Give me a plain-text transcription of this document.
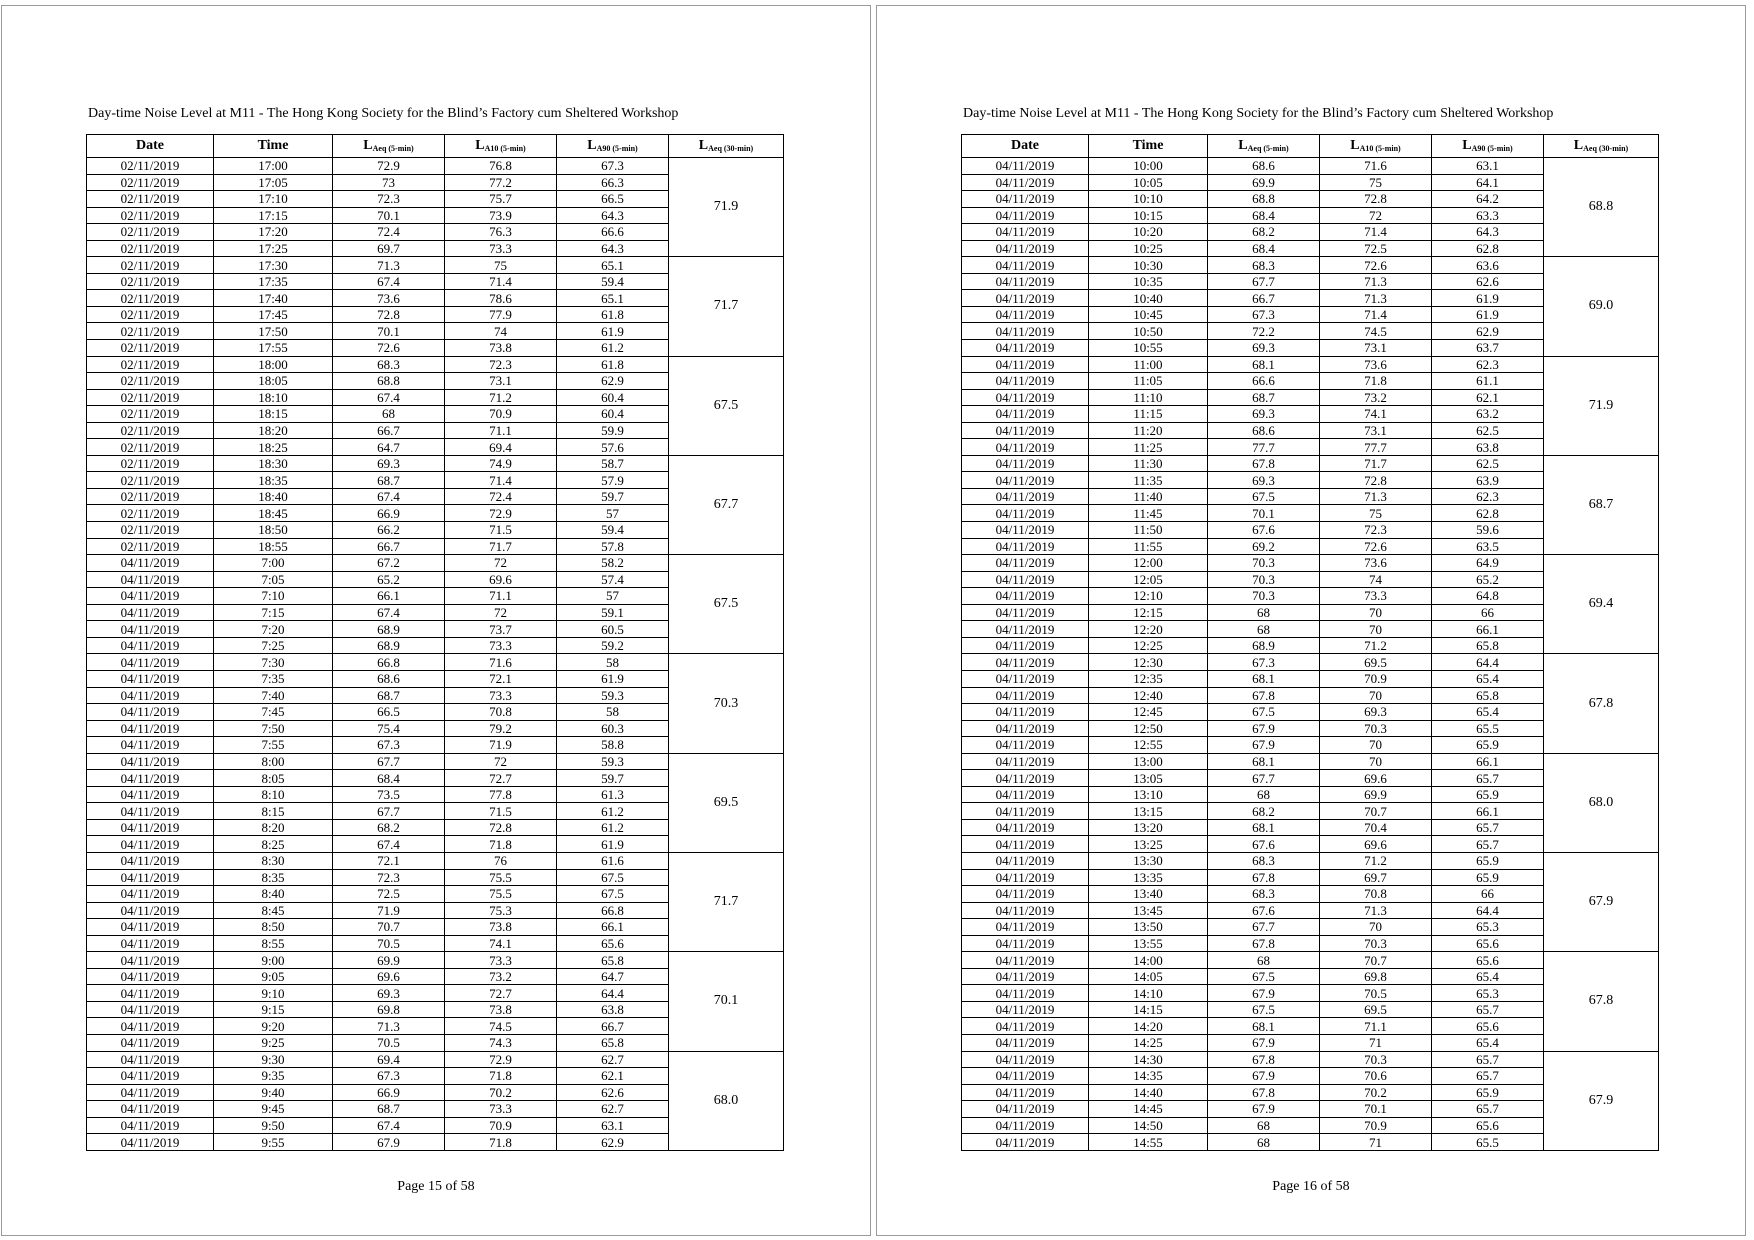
Day-time Noise Level at M11 - The Hong Kong Society for the Blind’s Factory cum Sheltered Workshop
Date	Time	$L_{Aeq (5-min)}$	$L_{A10 (5-min)}$	$L_{A90 (5-min)}$	$L_{Aeq (30-min)}$
02/11/2019	17:00	72.9	76.8	67.3	71.9
02/11/2019	17:05	73	77.2	66.3	
02/11/2019	17:10	72.3	75.7	66.5	
02/11/2019	17:15	70.1	73.9	64.3	
02/11/2019	17:20	72.4	76.3	66.6	
02/11/2019	17:25	69.7	73.3	64.3	
02/11/2019	17:30	71.3	75	65.1	71.7
02/11/2019	17:35	67.4	71.4	59.4	
02/11/2019	17:40	73.6	78.6	65.1	
02/11/2019	17:45	72.8	77.9	61.8	
02/11/2019	17:50	70.1	74	61.9	
02/11/2019	17:55	72.6	73.8	61.2	
02/11/2019	18:00	68.3	72.3	61.8	67.5
02/11/2019	18:05	68.8	73.1	62.9	
02/11/2019	18:10	67.4	71.2	60.4	
02/11/2019	18:15	68	70.9	60.4	
02/11/2019	18:20	66.7	71.1	59.9	
02/11/2019	18:25	64.7	69.4	57.6	
02/11/2019	18:30	69.3	74.9	58.7	67.7
02/11/2019	18:35	68.7	71.4	57.9	
02/11/2019	18:40	67.4	72.4	59.7	
02/11/2019	18:45	66.9	72.9	57	
02/11/2019	18:50	66.2	71.5	59.4	
02/11/2019	18:55	66.7	71.7	57.8	
04/11/2019	7:00	67.2	72	58.2	67.5
04/11/2019	7:05	65.2	69.6	57.4	
04/11/2019	7:10	66.1	71.1	57	
04/11/2019	7:15	67.4	72	59.1	
04/11/2019	7:20	68.9	73.7	60.5	
04/11/2019	7:25	68.9	73.3	59.2	
04/11/2019	7:30	66.8	71.6	58	70.3
04/11/2019	7:35	68.6	72.1	61.9	
04/11/2019	7:40	68.7	73.3	59.3	
04/11/2019	7:45	66.5	70.8	58	
04/11/2019	7:50	75.4	79.2	60.3	
04/11/2019	7:55	67.3	71.9	58.8	
04/11/2019	8:00	67.7	72	59.3	69.5
04/11/2019	8:05	68.4	72.7	59.7	
04/11/2019	8:10	73.5	77.8	61.3	
04/11/2019	8:15	67.7	71.5	61.2	
04/11/2019	8:20	68.2	72.8	61.2	
04/11/2019	8:25	67.4	71.8	61.9	
04/11/2019	8:30	72.1	76	61.6	71.7
04/11/2019	8:35	72.3	75.5	67.5	
04/11/2019	8:40	72.5	75.5	67.5	
04/11/2019	8:45	71.9	75.3	66.8	
04/11/2019	8:50	70.7	73.8	66.1	
04/11/2019	8:55	70.5	74.1	65.6	
04/11/2019	9:00	69.9	73.3	65.8	70.1
04/11/2019	9:05	69.6	73.2	64.7	
04/11/2019	9:10	69.3	72.7	64.4	
04/11/2019	9:15	69.8	73.8	63.8	
04/11/2019	9:20	71.3	74.5	66.7	
04/11/2019	9:25	70.5	74.3	65.8	
04/11/2019	9:30	69.4	72.9	62.7	68.0
04/11/2019	9:35	67.3	71.8	62.1	
04/11/2019	9:40	66.9	70.2	62.6	
04/11/2019	9:45	68.7	73.3	62.7	
04/11/2019	9:50	67.4	70.9	63.1	
04/11/2019	9:55	67.9	71.8	62.9	
Page 15 of 58
Day-time Noise Level at M11 - The Hong Kong Society for the Blind’s Factory cum Sheltered Workshop
Date	Time	$L_{Aeq (5-min)}$	$L_{A10 (5-min)}$	$L_{A90 (5-min)}$	$L_{Aeq (30-min)}$
04/11/2019	10:00	68.6	71.6	63.1	68.8
04/11/2019	10:05	69.9	75	64.1	
04/11/2019	10:10	68.8	72.8	64.2	
04/11/2019	10:15	68.4	72	63.3	
04/11/2019	10:20	68.2	71.4	64.3	
04/11/2019	10:25	68.4	72.5	62.8	
04/11/2019	10:30	68.3	72.6	63.6	69.0
04/11/2019	10:35	67.7	71.3	62.6	
04/11/2019	10:40	66.7	71.3	61.9	
04/11/2019	10:45	67.3	71.4	61.9	
04/11/2019	10:50	72.2	74.5	62.9	
04/11/2019	10:55	69.3	73.1	63.7	
04/11/2019	11:00	68.1	73.6	62.3	71.9
04/11/2019	11:05	66.6	71.8	61.1	
04/11/2019	11:10	68.7	73.2	62.1	
04/11/2019	11:15	69.3	74.1	63.2	
04/11/2019	11:20	68.6	73.1	62.5	
04/11/2019	11:25	77.7	77.7	63.8	
04/11/2019	11:30	67.8	71.7	62.5	68.7
04/11/2019	11:35	69.3	72.8	63.9	
04/11/2019	11:40	67.5	71.3	62.3	
04/11/2019	11:45	70.1	75	62.8	
04/11/2019	11:50	67.6	72.3	59.6	
04/11/2019	11:55	69.2	72.6	63.5	
04/11/2019	12:00	70.3	73.6	64.9	69.4
04/11/2019	12:05	70.3	74	65.2	
04/11/2019	12:10	70.3	73.3	64.8	
04/11/2019	12:15	68	70	66	
04/11/2019	12:20	68	70	66.1	
04/11/2019	12:25	68.9	71.2	65.8	
04/11/2019	12:30	67.3	69.5	64.4	67.8
04/11/2019	12:35	68.1	70.9	65.4	
04/11/2019	12:40	67.8	70	65.8	
04/11/2019	12:45	67.5	69.3	65.4	
04/11/2019	12:50	67.9	70.3	65.5	
04/11/2019	12:55	67.9	70	65.9	
04/11/2019	13:00	68.1	70	66.1	68.0
04/11/2019	13:05	67.7	69.6	65.7	
04/11/2019	13:10	68	69.9	65.9	
04/11/2019	13:15	68.2	70.7	66.1	
04/11/2019	13:20	68.1	70.4	65.7	
04/11/2019	13:25	67.6	69.6	65.7	
04/11/2019	13:30	68.3	71.2	65.9	67.9
04/11/2019	13:35	67.8	69.7	65.9	
04/11/2019	13:40	68.3	70.8	66	
04/11/2019	13:45	67.6	71.3	64.4	
04/11/2019	13:50	67.7	70	65.3	
04/11/2019	13:55	67.8	70.3	65.6	
04/11/2019	14:00	68	70.7	65.6	67.8
04/11/2019	14:05	67.5	69.8	65.4	
04/11/2019	14:10	67.9	70.5	65.3	
04/11/2019	14:15	67.5	69.5	65.7	
04/11/2019	14:20	68.1	71.1	65.6	
04/11/2019	14:25	67.9	71	65.4	
04/11/2019	14:30	67.8	70.3	65.7	67.9
04/11/2019	14:35	67.9	70.6	65.7	
04/11/2019	14:40	67.8	70.2	65.9	
04/11/2019	14:45	67.9	70.1	65.7	
04/11/2019	14:50	68	70.9	65.6	
04/11/2019	14:55	68	71	65.5	
Page 16 of 58
